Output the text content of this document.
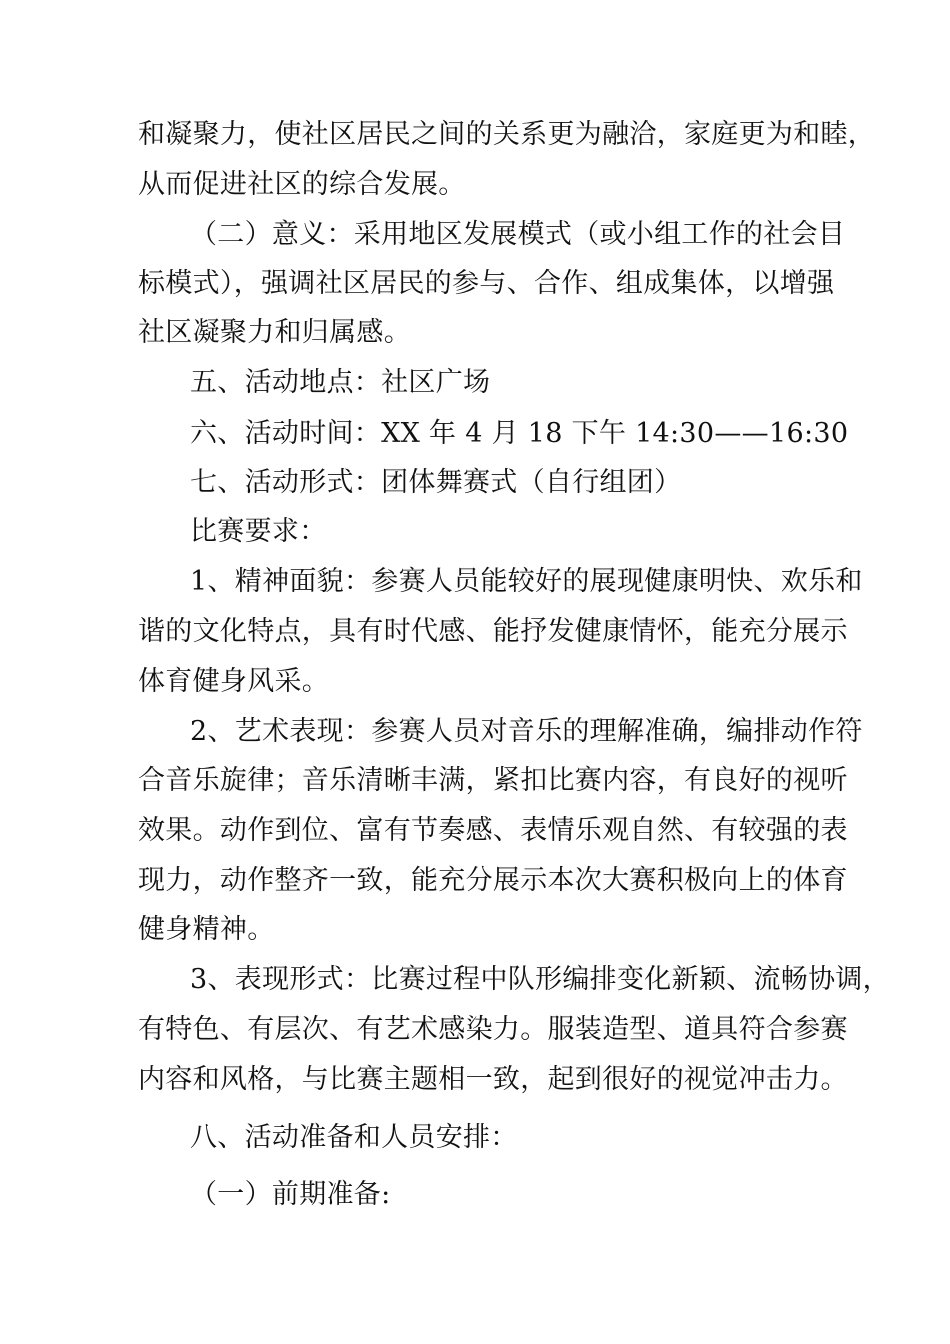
和凝聚力，使社区居民之间的关系更为融洽，家庭更为和睦，
从而促进社区的综合发展。
（二）意义：采用地区发展模式（或小组工作的社会目
标模式），强调社区居民的参与、合作、组成集体，以增强
社区凝聚力和归属感。
五、活动地点：社区广场
六、活动时间：XX 年 4 月 18 下午 14:30——16:30
七、活动形式：团体舞赛式（自行组团）
比赛要求：
1、精神面貌：参赛人员能较好的展现健康明快、欢乐和
谐的文化特点，具有时代感、能抒发健康情怀，能充分展示
体育健身风采。
2、艺术表现：参赛人员对音乐的理解准确，编排动作符
合音乐旋律；音乐清晰丰满，紧扣比赛内容，有良好的视听
效果。动作到位、富有节奏感、表情乐观自然、有较强的表
现力，动作整齐一致，能充分展示本次大赛积极向上的体育
健身精神。
3、表现形式：比赛过程中队形编排变化新颖、流畅协调，
有特色、有层次、有艺术感染力。服装造型、道具符合参赛
内容和风格，与比赛主题相一致，起到很好的视觉冲击力。
八、活动准备和人员安排：
（一）前期准备:
